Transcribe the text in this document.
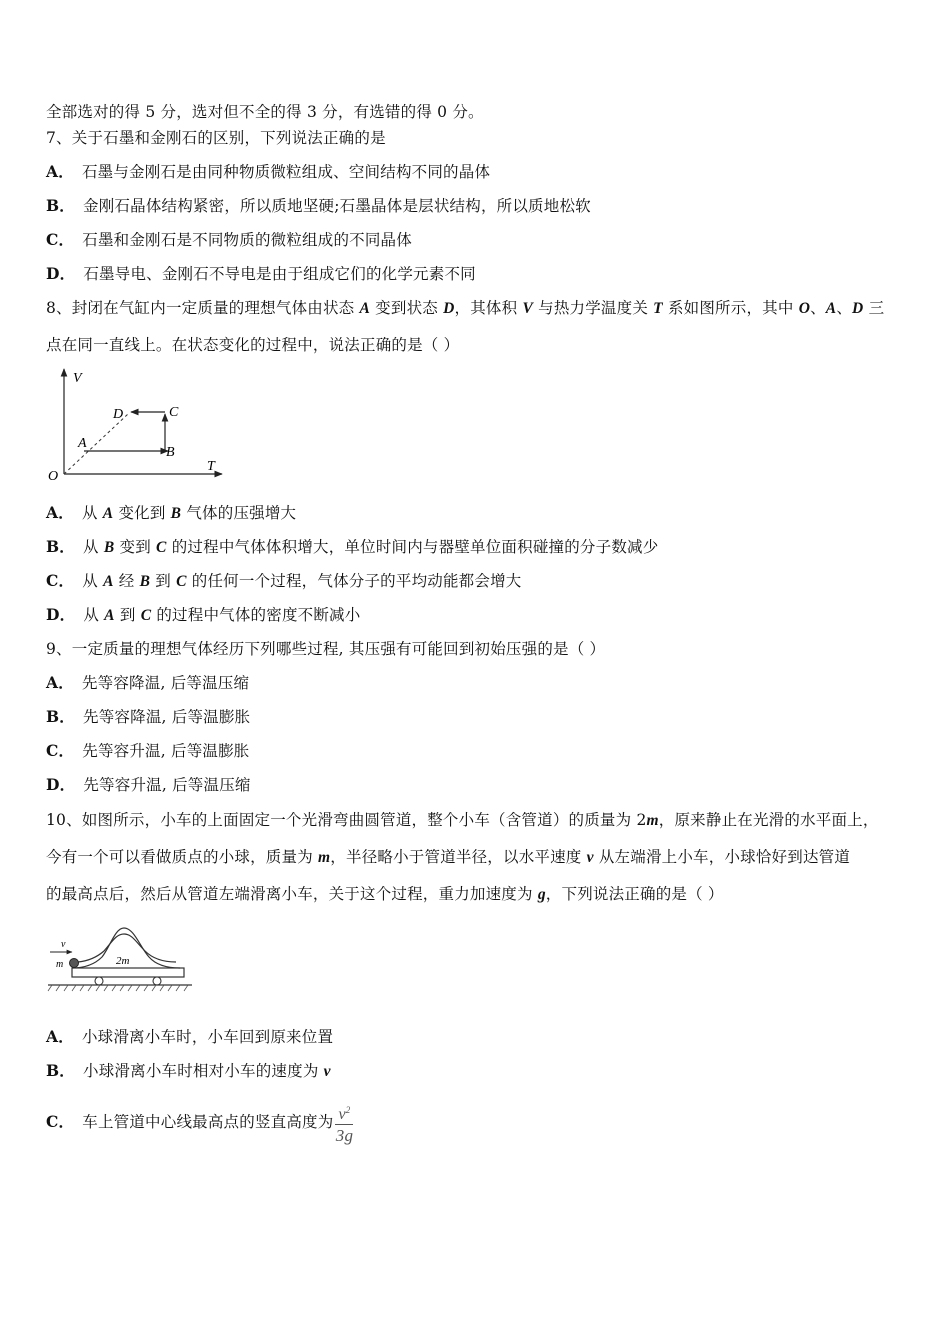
全部选对的得 5 分，选对但不全的得 3 分，有选错的得 0 分。
7、关于石墨和金刚石的区别，下列说法正确的是
A． 石墨与金刚石是由同种物质微粒组成、空间结构不同的晶体
B． 金刚石晶体结构紧密，所以质地坚硬;石墨晶体是层状结构，所以质地松软
C． 石墨和金刚石是不同物质的微粒组成的不同晶体
D． 石墨导电、金刚石不导电是由于组成它们的化学元素不同
8、封闭在气缸内一定质量的理想气体由状态 A 变到状态 D，其体积 V 与热力学温度关 T 系如图所示，其中 O、A、D 三
点在同一直线上。在状态变化的过程中，说法正确的是（ ）
V
T
O
A
B
C
D
A． 从 A 变化到 B 气体的压强增大
B． 从 B 变到 C 的过程中气体体积增大，单位时间内与器壁单位面积碰撞的分子数减少
C． 从 A 经 B 到 C 的任何一个过程，气体分子的平均动能都会增大
D． 从 A 到 C 的过程中气体的密度不断减小
9、一定质量的理想气体经历下列哪些过程, 其压强有可能回到初始压强的是（ ）
A． 先等容降温, 后等温压缩
B． 先等容降温, 后等温膨胀
C． 先等容升温, 后等温膨胀
D． 先等容升温, 后等温压缩
10、如图所示，小车的上面固定一个光滑弯曲圆管道，整个小车（含管道）的质量为 2m，原来静止在光滑的水平面上，
今有一个可以看做质点的小球，质量为 m，半径略小于管道半径，以水平速度 v 从左端滑上小车，小球恰好到达管道
的最高点后，然后从管道左端滑离小车，关于这个过程，重力加速度为 g，下列说法正确的是（ ）
v
m	2m
A． 小球滑离小车时，小车回到原来位置
B． 小球滑离小车时相对小车的速度为 v
C． 车上管道中心线最高点的竖直高度为 $\frac{v^2}{3g}$
